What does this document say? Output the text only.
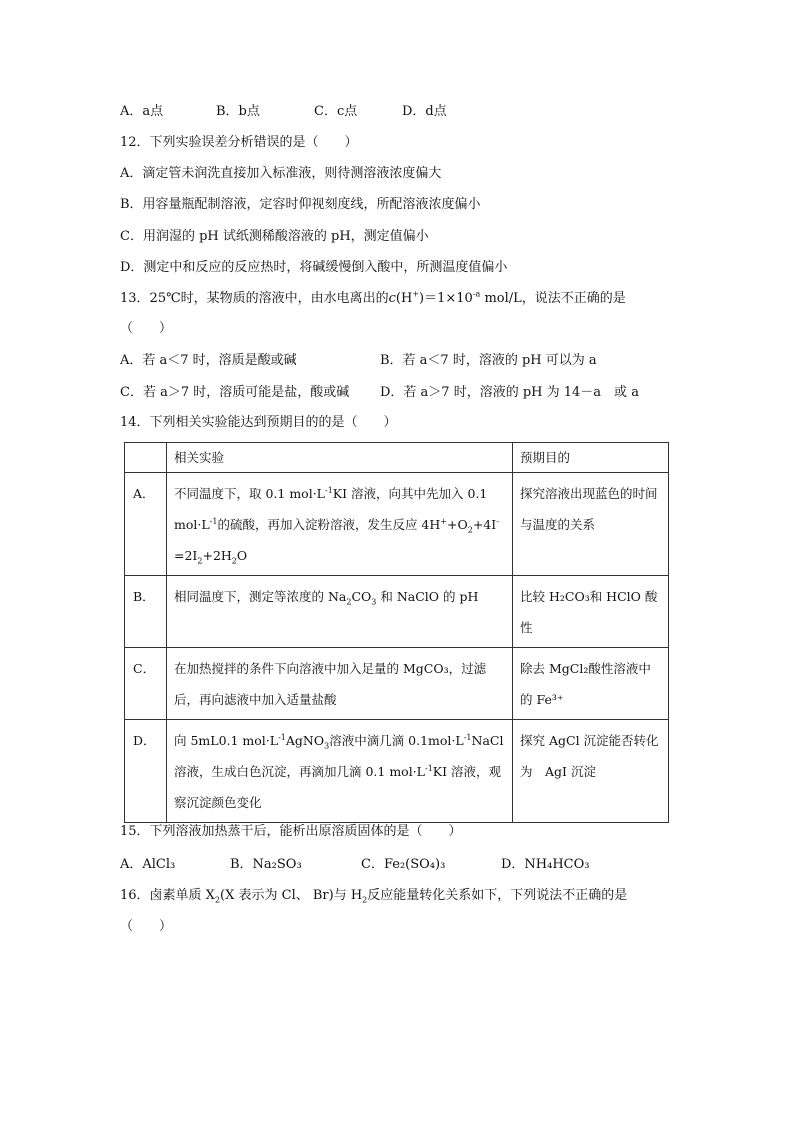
A．a点	B．b点	C．c点	D．d点
12．下列实验误差分析错误的是（　　）
A．滴定管未润洗直接加入标准液，则待测溶液浓度偏大
B．用容量瓶配制溶液，定容时仰视刻度线，所配溶液浓度偏小
C．用润湿的 pH 试纸测稀酸溶液的 pH，测定值偏小
D．测定中和反应的反应热时，将碱缓慢倒入酸中，所测温度值偏小
13．25℃时，某物质的溶液中，由水电离出的$c(H^+)=1\times 10^{-a}$ mol/L，说法不正确的是
（　　）
A．若 a＜7 时，溶质是酸或碱	B．若 a＜7 时，溶液的 pH 可以为 a
C．若 a＞7 时，溶质可能是盐，酸或碱 D．若 a＞7 时，溶液的 pH 为 14－a　或 a
14．下列相关实验能达到预期目的的是（　　）
	相关实验	预期目的
A．	不同温度下，取 0.1 $mol\cdot L^{-1}KI$ 溶液，向其中先加入 0.1 $mol\cdot L^{-1}$的硫酸，再加入淀粉溶液，发生反应 $4H^++O_2+4I^- =2I_2+2H_2O$	探究溶液出现蓝色的时间与温度的关系
B．	相同温度下，测定等浓度的 $Na_2CO_3$ 和 NaClO 的 pH	比较 H₂CO₃和 HClO 酸性
C．	在加热搅拌的条件下向溶液中加入足量的 MgCO₃，过滤后，再向滤液中加入适量盐酸	除去 MgCl₂酸性溶液中的 Fe³⁺
D．	向 5mL0.1 $mol\cdot L^{-1}AgNO_3$溶液中滴几滴 $0.1mol\cdot L^{-1}NaCl$ 溶液，生成白色沉淀，再滴加几滴 0.1 $mol\cdot L^{-1}KI$ 溶液，观察沉淀颜色变化	探究 AgCl 沉淀能否转化为　AgI 沉淀
15．下列溶液加热蒸干后，能析出原溶质固体的是（　　）
A．AlCl₃	B．Na₂SO₃	C．Fe₂(SO₄)₃	D．NH₄HCO₃
16．卤素单质 $X_2(X$ 表示为 Cl、 Br)与 $H_2$反应能量转化关系如下，下列说法不正确的是
（　　）
